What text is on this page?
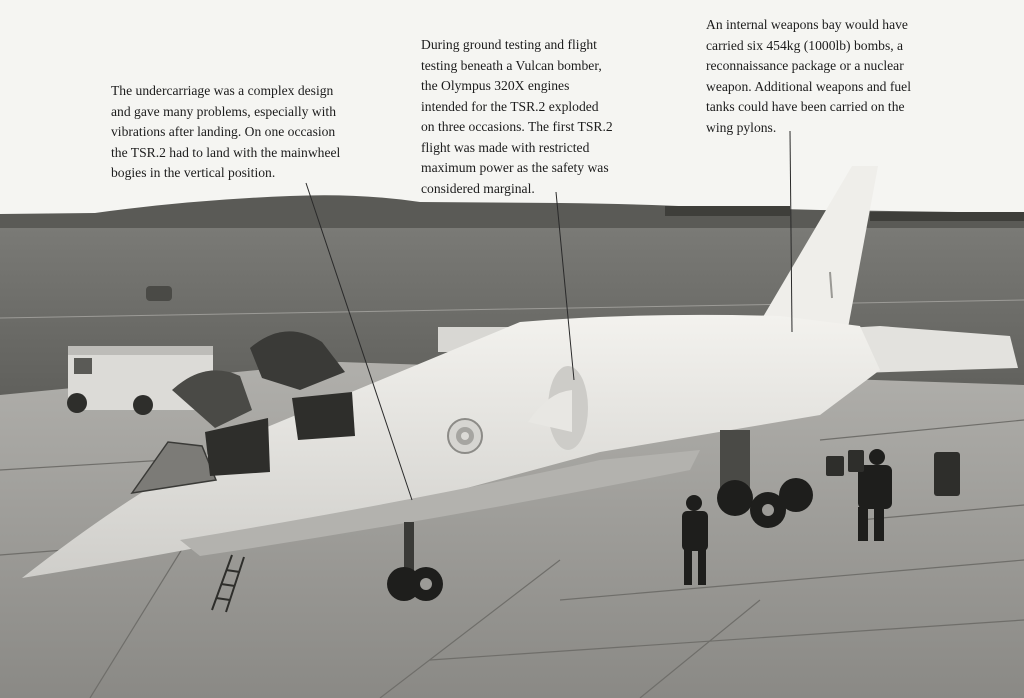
The undercarriage was a complex design
and gave many problems, especially with
vibrations after landing. On one occasion
the TSR.2 had to land with the mainwheel
bogies in the vertical position.

During ground testing and flight
testing beneath a Vulcan bomber,
the Olympus 320X engines
intended for the TSR.2 exploded
on three occasions. The first TSR.2
flight was made with restricted
maximum power as the safety was
considered marginal.

An internal weapons bay would have
carried six 454kg (1000lb) bombs, a
reconnaissance package or a nuclear
weapon. Additional weapons and fuel
tanks could have been carried on the
wing pylons.
